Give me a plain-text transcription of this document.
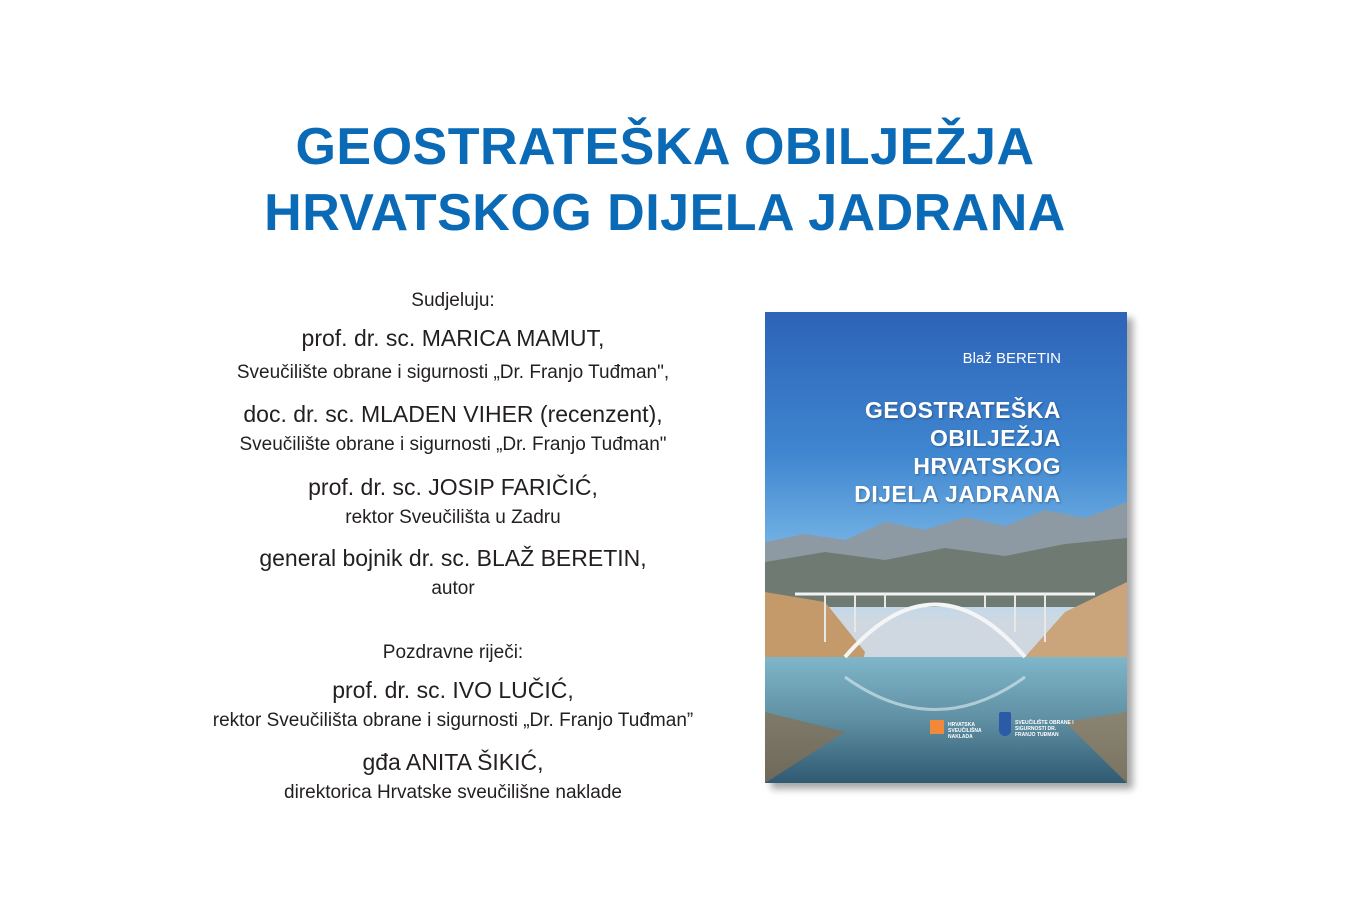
GEOSTRATEŠKA OBILJEŽJA
HRVATSKOG DIJELA JADRANA
Sudjeluju:
prof. dr. sc. MARICA MAMUT,
Sveučilište obrane i sigurnosti „Dr. Franjo Tuđman",
doc. dr. sc. MLADEN VIHER (recenzent),
Sveučilište obrane i sigurnosti „Dr. Franjo Tuđman"
prof. dr. sc. JOSIP FARIČIĆ,
rektor Sveučilišta u Zadru
general bojnik dr. sc. BLAŽ BERETIN,
autor
Pozdravne riječi:
prof. dr. sc. IVO LUČIĆ,
rektor Sveučilišta obrane i sigurnosti „Dr. Franjo Tuđman”
gđa ANITA ŠIKIĆ,
direktorica Hrvatske sveučilišne naklade
Blaž BERETIN
GEOSTRATEŠKA
OBILJEŽJA
HRVATSKOG
DIJELA JADRANA
HRVATSKA SVEUČILIŠNA NAKLADA
SVEUČILIŠTE OBRANE I SIGURNOSTI DR. FRANJO TUĐMAN
